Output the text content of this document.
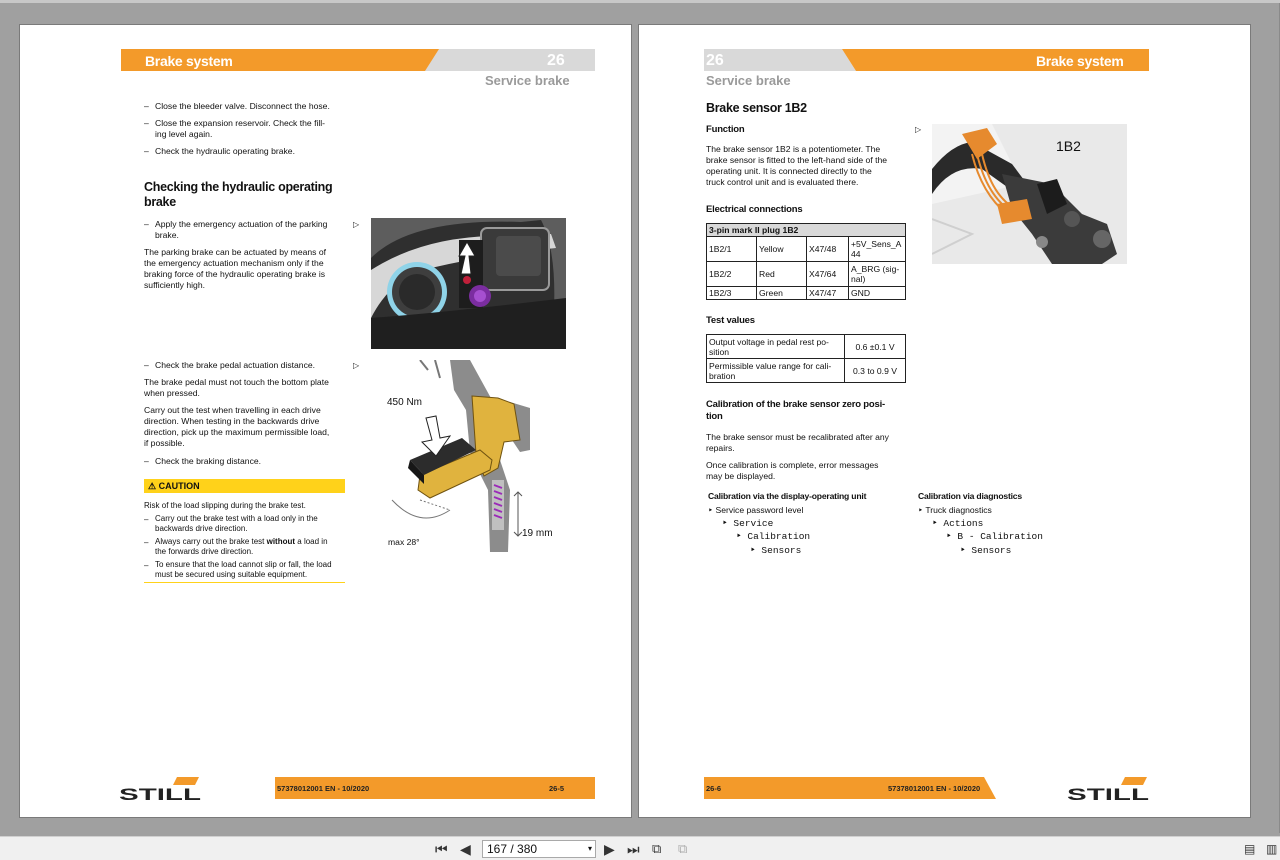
Brake system	26
Service brake
– Close the bleeder valve. Disconnect the hose.
– Close the expansion reservoir. Check the fill-
ing level again.
– Check the hydraulic operating brake.
Checking the hydraulic operating
brake
– Apply the emergency actuation of the parking
brake.
▷
The parking brake can be actuated by means of
the emergency actuation mechanism only if the
braking force of the hydraulic operating brake is
sufficiently high.
– Check the brake pedal actuation distance.	▷
The brake pedal must not touch the bottom plate
when pressed.
Carry out the test when travelling in each drive
direction. When testing in the backwards drive
direction, pick up the maximum permissible load,
if possible.
– Check the braking distance.
450 Nm
max 28°
19 mm
⚠ CAUTION
Risk of the load slipping during the brake test.
– Carry out the brake test with a load only in the
backwards drive direction.
– Always carry out the brake test without a load in
the forwards drive direction.
– To ensure that the load cannot slip or fall, the load
must be secured using suitable equipment.
STILL	57378012001 EN - 10/2020	26-5
26	Brake system
Service brake
Brake sensor 1B2
Function	▷
The brake sensor 1B2 is a potentiometer. The
brake sensor is fitted to the left-hand side of the
operating unit. It is connected directly to the
truck control unit and is evaluated there.
1B2
Electrical connections
3-pin mark II plug 1B2			
1B2/1	Yellow	X47/48	+5V_Sens_A
44
1B2/2	Red	X47/64	A_BRG (sig-
nal)
1B2/3	Green	X47/47	GND
Test values
Output voltage in pedal rest po-
sition	0.6 ±0.1 V
Permissible value range for cali-
bration	0.3 to 0.9 V
Calibration of the brake sensor zero posi-
tion
The brake sensor must be recalibrated after any
repairs.
Once calibration is complete, error messages
may be displayed.
Calibration via the display-operating unit
‣ Service password level
‣ Service
‣ Calibration
‣ Sensors
Calibration via diagnostics
‣ Truck diagnostics
‣ Actions
‣ B - Calibration
‣ Sensors
26-6	57378012001 EN - 10/2020	STILL
⏮ ◀	167 / 380	▾ ▶ ⏭ ⧉ ⧉	▤ ▥
